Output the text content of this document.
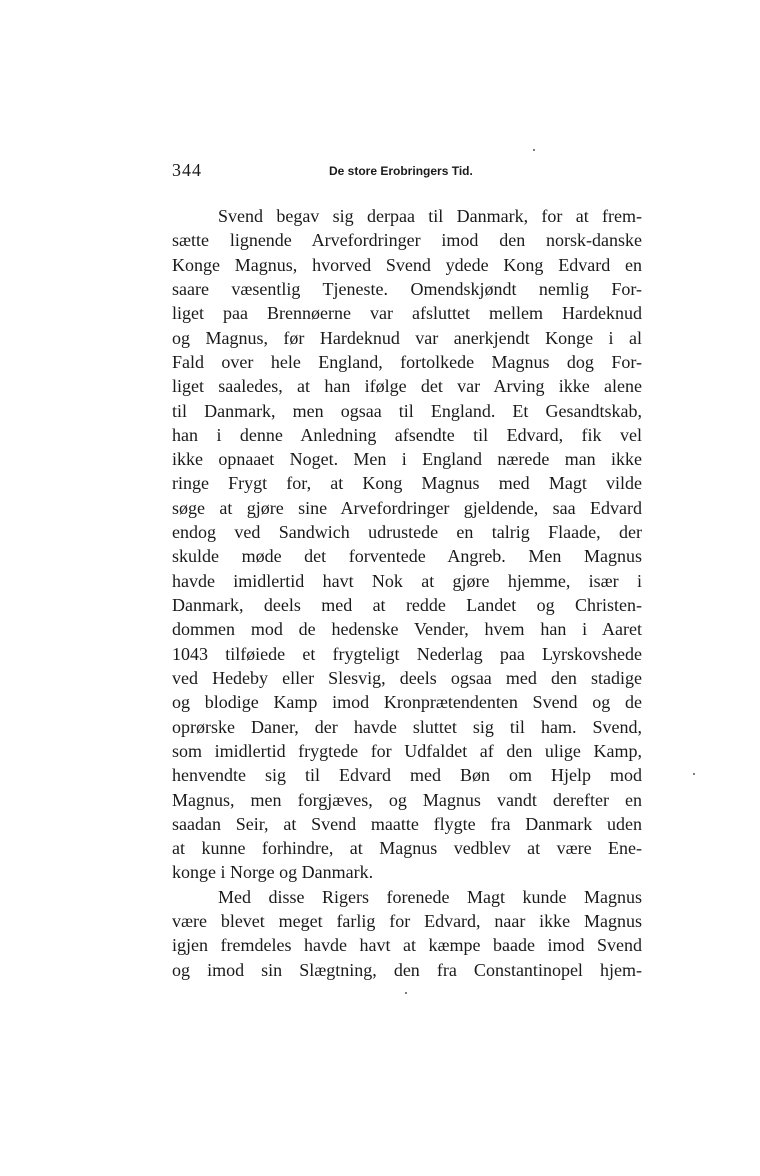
344	De store Erobringers Tid.
Svend begav sig derpaa til Danmark, for at frem-
sætte lignende Arvefordringer imod den norsk-danske
Konge Magnus, hvorved Svend ydede Kong Edvard en
saare væsentlig Tjeneste. Omendskjøndt nemlig For-
liget paa Brennøerne var afsluttet mellem Hardeknud
og Magnus, før Hardeknud var anerkjendt Konge i al
Fald over hele England, fortolkede Magnus dog For-
liget saaledes, at han ifølge det var Arving ikke alene
til Danmark, men ogsaa til England. Et Gesandtskab,
han i denne Anledning afsendte til Edvard, fik vel
ikke opnaaet Noget. Men i England nærede man ikke
ringe Frygt for, at Kong Magnus med Magt vilde
søge at gjøre sine Arvefordringer gjeldende, saa Edvard
endog ved Sandwich udrustede en talrig Flaade, der
skulde møde det forventede Angreb. Men Magnus
havde imidlertid havt Nok at gjøre hjemme, især i
Danmark, deels med at redde Landet og Christen-
dommen mod de hedenske Vender, hvem han i Aaret
1043 tilføiede et frygteligt Nederlag paa Lyrskovshede
ved Hedeby eller Slesvig, deels ogsaa med den stadige
og blodige Kamp imod Kronprætendenten Svend og de
oprørske Daner, der havde sluttet sig til ham. Svend,
som imidlertid frygtede for Udfaldet af den ulige Kamp,
henvendte sig til Edvard med Bøn om Hjelp mod
Magnus, men forgjæves, og Magnus vandt derefter en
saadan Seir, at Svend maatte flygte fra Danmark uden
at kunne forhindre, at Magnus vedblev at være Ene-
konge i Norge og Danmark.
Med disse Rigers forenede Magt kunde Magnus
være blevet meget farlig for Edvard, naar ikke Magnus
igjen fremdeles havde havt at kæmpe baade imod Svend
og imod sin Slægtning, den fra Constantinopel hjem-
